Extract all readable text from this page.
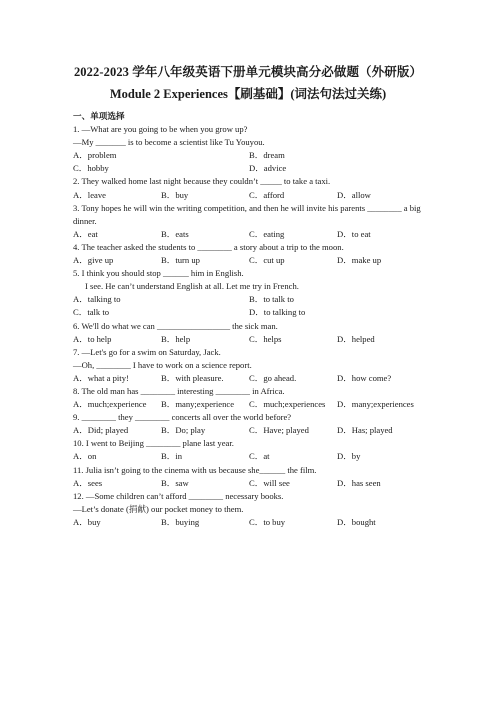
2022-2023 学年八年级英语下册单元模块高分必做题（外研版）
Module 2 Experiences【刷基础】(词法句法过关练)
一、单项选择
1. —What are you going to be when you grow up?
—My _______ is to become a scientist like Tu Youyou.
A．problem	B．dream
C．hobby	D．advice
2. They walked home last night because they couldn’t _____ to take a taxi.
A．leave	B．buy	C．afford	D．allow
3. Tony hopes he will win the writing competition, and then he will invite his parents ________ a big dinner.
A．eat	B．eats	C．eating	D．to eat
4. The teacher asked the students to ________ a story about a trip to the moon.
A．give up	B．turn up	C．cut up	D．make up
5. I think you should stop ______ him in English.
I see. He can’t understand English at all. Let me try in French.
A．talking to	B．to talk to
C．talk to	D．to talking to
6. We'll do what we can _________________ the sick man.
A．to help	B．help	C．helps	D．helped
7. —Let's go for a swim on Saturday, Jack.
—Oh, ________ I have to work on a science report.
A．what a pity!	B．with pleasure.	C．go ahead.	D．how come?
8. The old man has ________ interesting ________ in Africa.
A．much;experience	B．many;experience	C．much;experiences	D．many;experiences
9. ________ they ________ concerts all over the world before?
A．Did; played	B．Do; play	C．Have; played	D．Has; played
10. I went to Beijing ________ plane last year.
A．on	B．in	C．at	D．by
11. Julia isn’t going to the cinema with us because she______ the film.
A．sees	B．saw	C．will see	D．has seen
12. —Some children can’t afford ________ necessary books.
—Let’s donate (捐献) our pocket money to them.
A．buy	B．buying	C．to buy	D．bought
